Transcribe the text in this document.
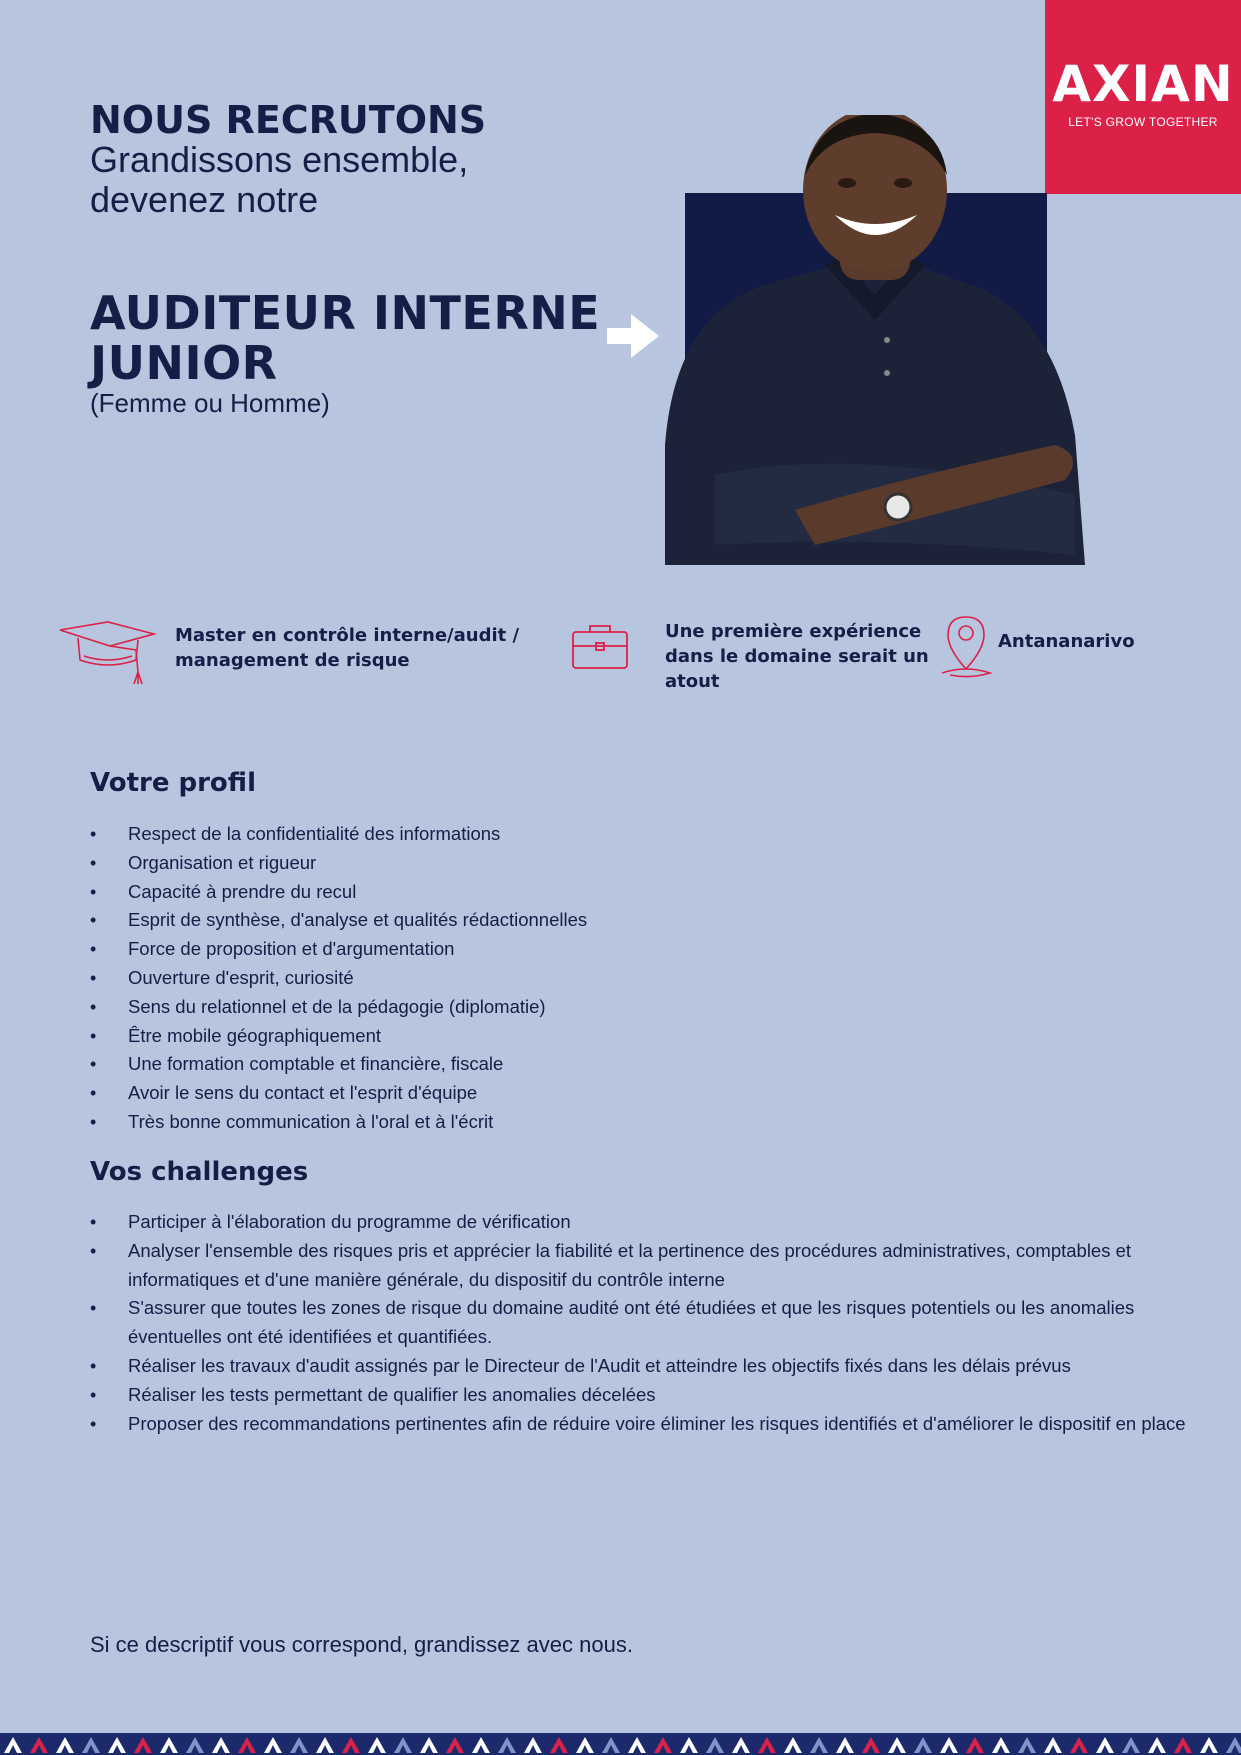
AXIAN
LET'S GROW TOGETHER
NOUS RECRUTONS
Grandissons ensemble,
devenez notre
AUDITEUR INTERNE JUNIOR
(Femme ou Homme)
Master en contrôle interne/audit / management de risque
Une première expérience dans le domaine serait un atout
Antananarivo
Votre profil
• Respect de la confidentialité des informations
• Organisation et rigueur
• Capacité à prendre du recul
• Esprit de synthèse, d'analyse et qualités rédactionnelles
• Force de proposition et d'argumentation
• Ouverture d'esprit, curiosité
• Sens du relationnel et de la pédagogie (diplomatie)
• Être mobile géographiquement
• Une formation comptable et financière, fiscale
• Avoir le sens du contact et l'esprit d'équipe
• Très bonne communication à l'oral et à l'écrit
Vos challenges
• Participer à l'élaboration du programme de vérification
• Analyser l'ensemble des risques pris et apprécier la fiabilité et la pertinence des procédures administratives, comptables et informatiques et d'une manière générale, du dispositif du contrôle interne
• S'assurer que toutes les zones de risque du domaine audité ont été étudiées et que les risques potentiels ou les anomalies éventuelles ont été identifiées et quantifiées.
• Réaliser les travaux d'audit assignés par le Directeur de l'Audit et atteindre les objectifs fixés dans les délais prévus
• Réaliser les tests permettant de qualifier les anomalies décelées
• Proposer des recommandations pertinentes afin de réduire voire éliminer les risques identifiés et d'améliorer le dispositif en place
Si ce descriptif vous correspond, grandissez avec nous.
